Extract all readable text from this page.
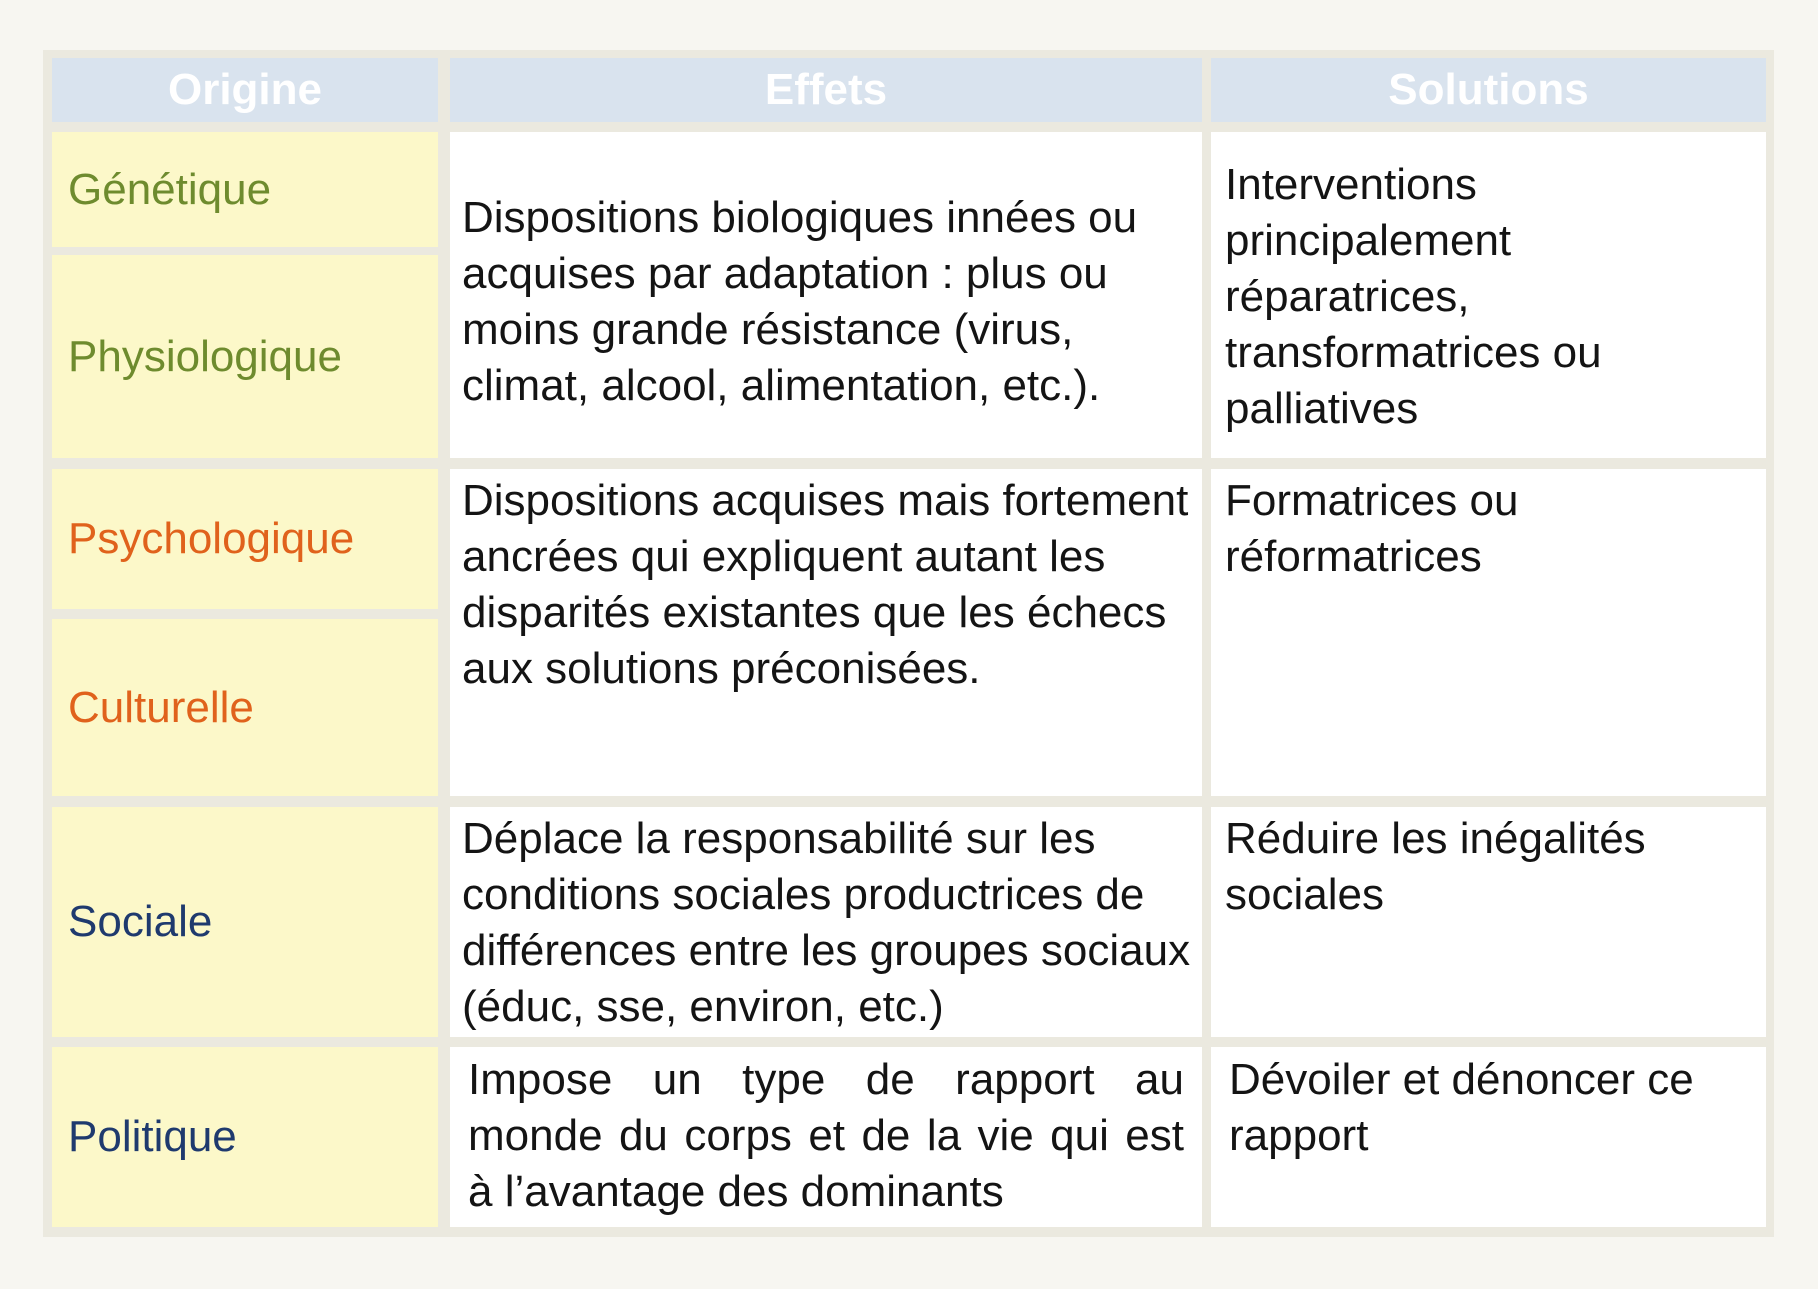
Origine	Effets	Solutions
Génétique
Physiologique
Dispositions biologiques innées ou acquises par adaptation : plus ou moins grande résistance (virus, climat, alcool, alimentation, etc.).
Interventions principalement réparatrices, transformatrices ou palliatives
Psychologique
Culturelle
Dispositions acquises mais fortement ancrées qui expliquent autant les disparités existantes que les échecs aux solutions préconisées.
Formatrices ou réformatrices
Sociale
Déplace la responsabilité sur les conditions sociales productrices de différences entre les groupes sociaux (éduc, sse, environ, etc.)
Réduire les inégalités sociales
Politique
Impose un type de rapport au monde du corps et de la vie qui est à l’avantage des dominants
Dévoiler et dénoncer ce rapport
